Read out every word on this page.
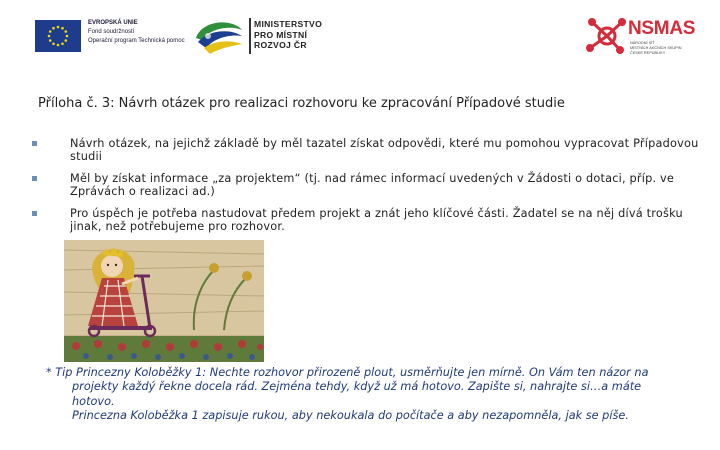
EVROPSKÁ UNIE
Fond soudržnosti
Operační program Technická pomoc
MINISTERSTVO
PRO MÍSTNÍ
ROZVOJ ČR
NSMAS
NÁRODNÍ SÍŤ
MÍSTNÍCH AKČNÍCH SKUPIN
ČESKÉ REPUBLIKY
Příloha č. 3: Návrh otázek pro realizaci rozhovoru ke zpracování Případové studie
Návrh otázek, na jejichž základě by měl tazatel získat odpovědi, které mu pomohou vypracovat Případovou studii
Měl by získat informace „za projektem“ (tj. nad rámec informací uvedených v Žádosti o dotaci, příp. ve Zprávách o realizaci ad.)
Pro úspěch je potřeba nastudovat předem projekt a znát jeho klíčové části. Žadatel se na něj dívá trošku jinak, než potřebujeme pro rozhovor.
* Tip Princezny Koloběžky 1: Nechte rozhovor přirozeně plout, usměrňujte jen mírně. On Vám ten názor na
projekty každý řekne docela rád. Zejména tehdy, když už má hotovo. Zapište si, nahrajte si…a máte hotovo.
Princezna Koloběžka 1 zapisuje rukou, aby nekoukala do počítače a aby nezapomněla, jak se píše.
